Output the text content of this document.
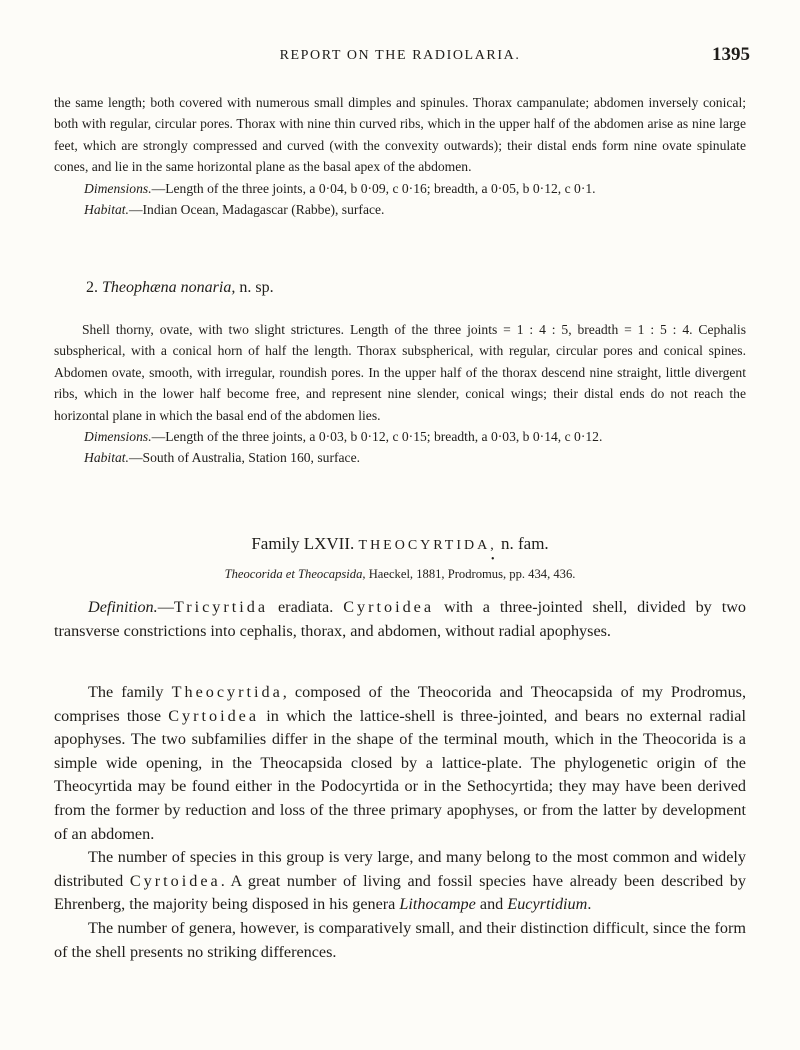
REPORT ON THE RADIOLARIA.	1395

the same length; both covered with numerous small dimples and spinules. Thorax campanulate; abdomen inversely conical; both with regular, circular pores. Thorax with nine thin curved ribs, which in the upper half of the abdomen arise as nine large feet, which are strongly compressed and curved (with the convexity outwards); their distal ends form nine ovate spinulate cones, and lie in the same horizontal plane as the basal apex of the abdomen.

Dimensions.—Length of the three joints, a 0·04, b 0·09, c 0·16; breadth, a 0·05, b 0·12, c 0·1.

Habitat.—Indian Ocean, Madagascar (Rabbe), surface.

2. Theophæna nonaria, n. sp.

Shell thorny, ovate, with two slight strictures. Length of the three joints = 1 : 4 : 5, breadth = 1 : 5 : 4. Cephalis subspherical, with a conical horn of half the length. Thorax subspherical, with regular, circular pores and conical spines. Abdomen ovate, smooth, with irregular, roundish pores. In the upper half of the thorax descend nine straight, little divergent ribs, which in the lower half become free, and represent nine slender, conical wings; their distal ends do not reach the horizontal plane in which the basal end of the abdomen lies.

Dimensions.—Length of the three joints, a 0·03, b 0·12, c 0·15; breadth, a 0·03, b 0·14, c 0·12.

Habitat.—South of Australia, Station 160, surface.

Family LXVII. THEOCYRTIDA, n. fam.
•
Theocorida et Theocapsida, Haeckel, 1881, Prodromus, pp. 434, 436.

Definition.—Tricyrtida eradiata. Cyrtoidea with a three-jointed shell, divided by two transverse constrictions into cephalis, thorax, and abdomen, without radial apophyses.

The family Theocyrtida, composed of the Theocorida and Theocapsida of my Prodromus, comprises those Cyrtoidea in which the lattice-shell is three-jointed, and bears no external radial apophyses. The two subfamilies differ in the shape of the terminal mouth, which in the Theocorida is a simple wide opening, in the Theocapsida closed by a lattice-plate. The phylogenetic origin of the Theocyrtida may be found either in the Podocyrtida or in the Sethocyrtida; they may have been derived from the former by reduction and loss of the three primary apophyses, or from the latter by development of an abdomen.

The number of species in this group is very large, and many belong to the most common and widely distributed Cyrtoidea. A great number of living and fossil species have already been described by Ehrenberg, the majority being disposed in his genera Lithocampe and Eucyrtidium.

The number of genera, however, is comparatively small, and their distinction difficult, since the form of the shell presents no striking differences.
